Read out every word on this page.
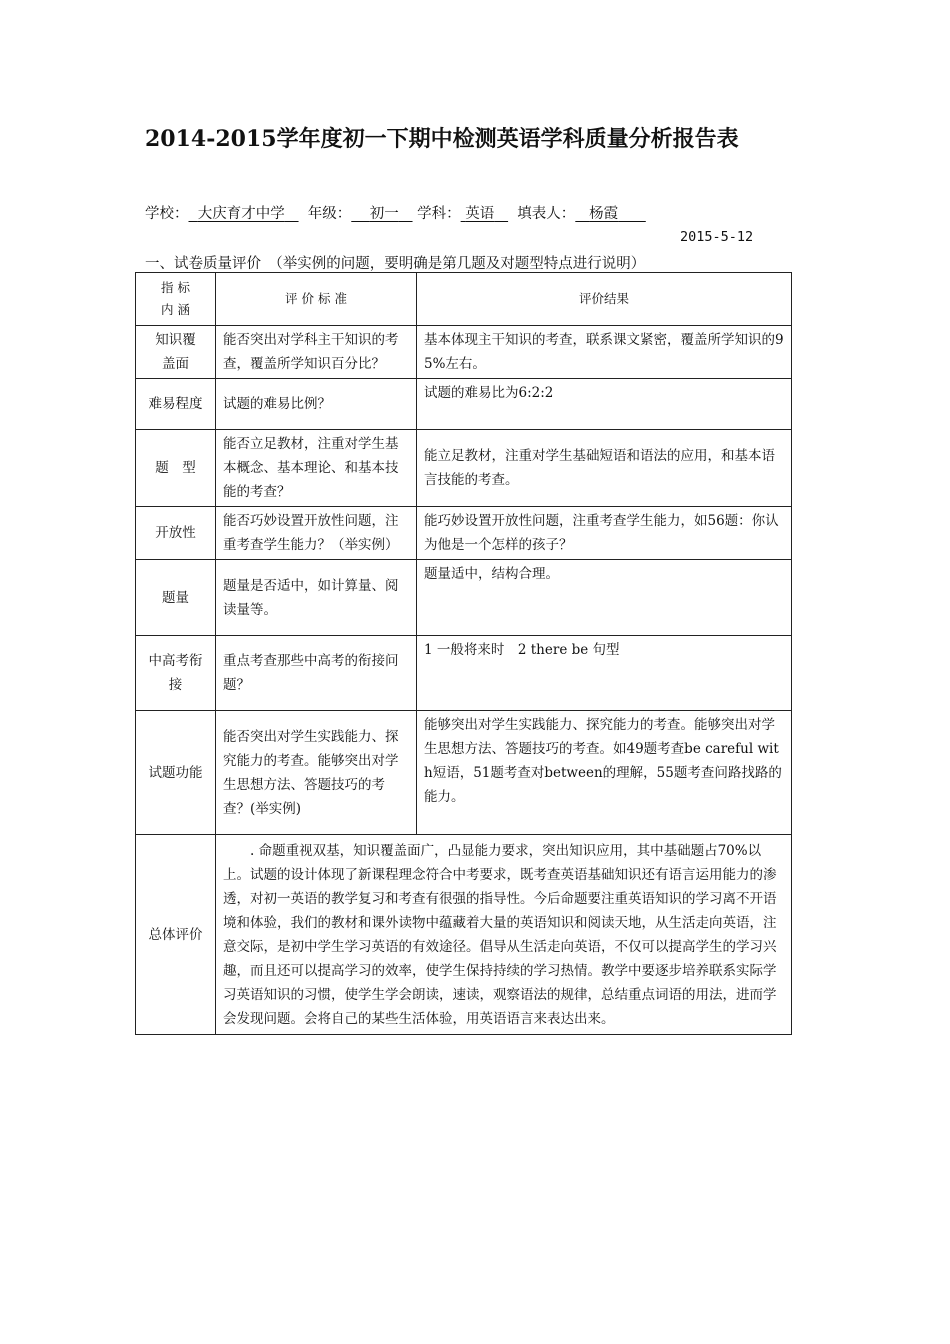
2014-2015学年度初一下期中检测英语学科质量分析报告表
学校： 大庆育才中学 年级： 初一 学科： 英语 填表人： 杨霞
2015-5-12
一、试卷质量评价　（举实例的问题，要明确是第几题及对题型特点进行说明）
指 标
内 涵	评 价 标 准	评价结果

知识覆盖面	能否突出对学科主干知识的考查，覆盖所学知识百分比？	基本体现主干知识的考查，联系课文紧密，覆盖所学知识的95%左右。
难易程度	试题的难易比例？	试题的难易比为6:2:2
题　型	能否立足教材，注重对学生基本概念、基本理论、和基本技能的考查？	能立足教材，注重对学生基础短语和语法的应用，和基本语言技能的考查。
开放性	能否巧妙设置开放性问题，注重考查学生能力？（举实例）	能巧妙设置开放性问题，注重考查学生能力，如56题：你认为他是一个怎样的孩子？
题量	题量是否适中，如计算量、阅读量等。	题量适中，结构合理。

中高考衔接	重点考查那些中高考的衔接问题？	1 一般将来时　2 there be 句型
试题功能	能否突出对学生实践能力、探究能力的考查。能够突出对学生思想方法、答题技巧的考查？(举实例)	能够突出对学生实践能力、探究能力的考查。能够突出对学生思想方法、答题技巧的考查。如49题考查be careful with短语，51题考查对between的理解，55题考查问路找路的能力。
总体评价	. 命题重视双基，知识覆盖面广，凸显能力要求，突出知识应用，其中基础题占70%以上。试题的设计体现了新课程理念符合中考要求，既考查英语基础知识还有语言运用能力的渗透，对初一英语的教学复习和考查有很强的指导性。今后命题要注重英语知识的学习离不开语境和体验，我们的教材和课外读物中蕴藏着大量的英语知识和阅读天地，从生活走向英语，注意交际，是初中学生学习英语的有效途径。倡导从生活走向英语，不仅可以提高学生的学习兴趣，而且还可以提高学习的效率，使学生保持持续的学习热情。教学中要逐步培养联系实际学习英语知识的习惯，使学生学会朗读，速读，观察语法的规律，总结重点词语的用法，进而学会发现问题。会将自己的某些生活体验，用英语语言来表达出来。	
